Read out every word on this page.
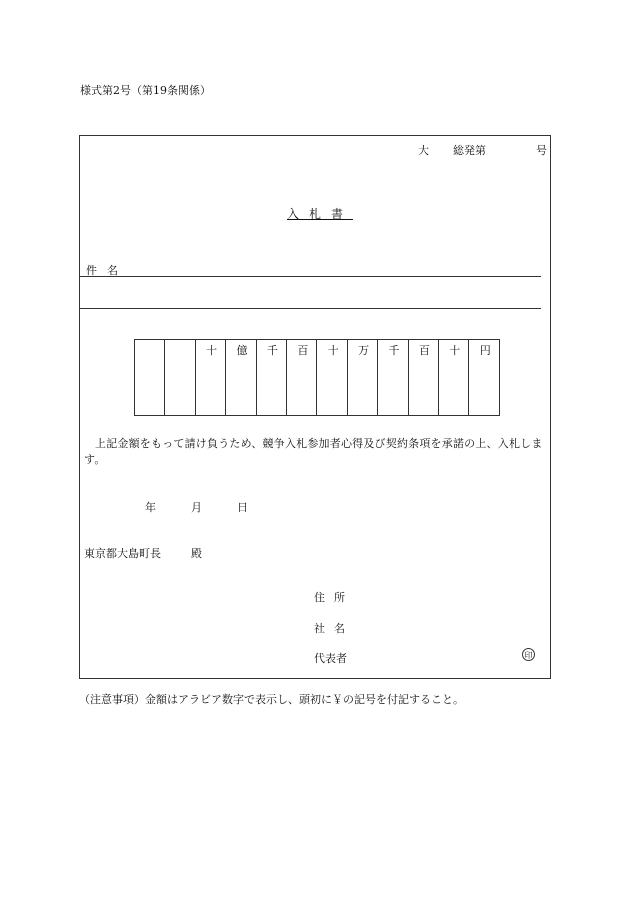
様式第2号（第19条関係）
大 総発第	号
入札書
件名

十	億	千	百	十	万	千	百	十	円
上記金額をもって請け負うため、競争入札参加者心得及び契約条項を承諾の上、入札します。
年	月	日
東京都大島町長	殿
住所
社名
代表者	印
（注意事項）金額はアラビア数字で表示し、頭初に￥の記号を付記すること。
